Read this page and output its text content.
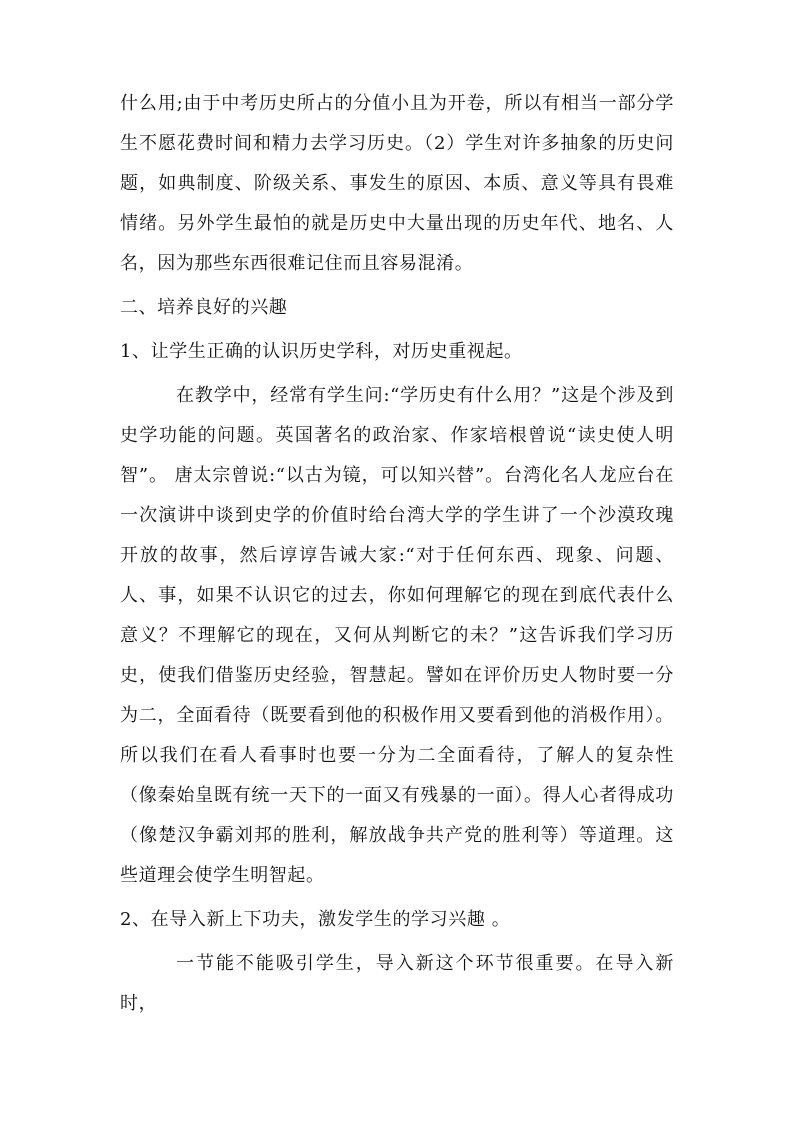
什么用;由于中考历史所占的分值小且为开卷，所以有相当一部分学生不愿花费时间和精力去学习历史。（2）学生对许多抽象的历史问题，如典制度、阶级关系、事发生的原因、本质、意义等具有畏难情绪。另外学生最怕的就是历史中大量出现的历史年代、地名、人名，因为那些东西很难记住而且容易混淆。

二、培养良好的兴趣

1、让学生正确的认识历史学科，对历史重视起。

在教学中，经常有学生问:“学历史有什么用？”这是个涉及到史学功能的问题。英国著名的政治家、作家培根曾说“读史使人明智”。 唐太宗曾说:“以古为镜，可以知兴替”。台湾化名人龙应台在一次演讲中谈到史学的价值时给台湾大学的学生讲了一个沙漠玫瑰开放的故事，然后谆谆告诫大家:“对于任何东西、现象、问题、人、事，如果不认识它的过去，你如何理解它的现在到底代表什么意义？不理解它的现在，又何从判断它的未？”这告诉我们学习历史，使我们借鉴历史经验，智慧起。譬如在评价历史人物时要一分为二，全面看待（既要看到他的积极作用又要看到他的消极作用）。所以我们在看人看事时也要一分为二全面看待，了解人的复杂性（像秦始皇既有统一天下的一面又有残暴的一面）。得人心者得成功（像楚汉争霸刘邦的胜利，解放战争共产党的胜利等）等道理。这些道理会使学生明智起。

2、在导入新上下功夫，激发学生的学习兴趣 。

一节能不能吸引学生，导入新这个环节很重要。在导入新时，
